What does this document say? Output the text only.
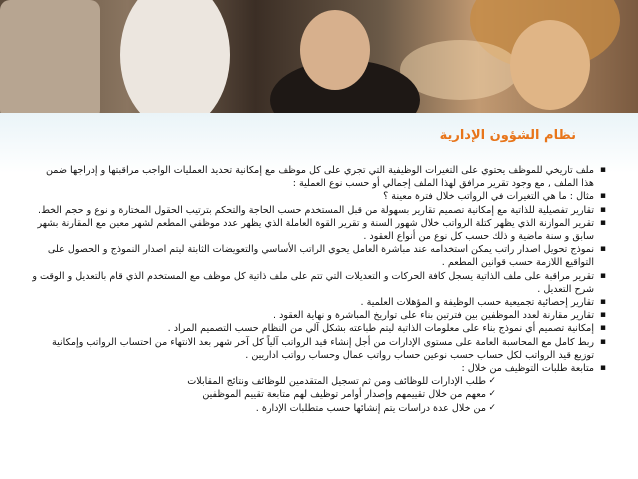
نظام الشؤون الإدارية
▪ ملف تاريخي للموظف يحتوي على التغيرات الوظيفية التي تجري على كل موظف مع إمكانية تحديد العمليات الواجب مراقبتها و إدراجها ضمن
هذا الملف , مع وجود تقرير مرافق لهذا الملف إجمالي أو حسب نوع العملية :
▪ مثال : ما هي التغيرات في الرواتب خلال فترة معينة ؟
▪ تقارير تفصيلية للذاتية مع إمكانية تصميم تقارير بسهولة من قبل المستخدم حسب الحاجة والتحكم بترتيب الحقول المختارة و نوع و حجم الخط.
▪ تقرير الموازنة الذي يظهر كتلة الرواتب خلال شهور السنة و تقرير القوة العاملة الذي يظهر عدد موظفي المطعم لشهر معين مع المقارنة بشهر
سابق و سنة ماضية و ذلك حسب كل نوع من أنواع العقود .
▪ نموذج تحويل اصدار راتب يمكن استخدامه عند مباشرة العامل يحوي الراتب الأساسي والتعويضات الثابتة ليتم اصدار النموذج و الحصول على
التواقيع اللازمة حسب قوانين المطعم .
▪ تقرير مراقبة على ملف الذاتية يسجل كافة الحركات و التعديلات التي تتم على ملف ذاتية كل موظف مع المستخدم الذي قام بالتعديل و الوقت و
شرح التعديل .
▪ تقارير إحصائية تجميعية حسب الوظيفة و المؤهلات العلمية .
▪ تقارير مقارنة لعدد الموظفين بين فترتين بناء على تواريخ المباشرة و نهاية العقود .
▪ إمكانية تصميم أي نموذج بناء على معلومات الذاتية ليتم طباعته بشكل آلي من النظام حسب التصميم المراد .
▪ ربط كامل مع المحاسبة العامة على مستوى الإدارات من أجل إنشاء قيد الرواتب آلياً كل آخر شهر بعد الانتهاء من احتساب الرواتب وإمكانية
توزيع قيد الرواتب لكل حساب حسب نوعين حساب رواتب عمال وحساب رواتب اداريين .
▪ متابعة طلبات التوظيف من خلال :
✓
طلب الإدارات للوظائف ومن ثم تسجيل المتقدمين للوظائف ونتائج المقابلات
✓
معهم من خلال تقييمهم وإصدار أوامر توظيف لهم متابعة تقييم الموظفين
✓
من خلال عدة دراسات يتم إنشائها حسب متطلبات الإدارة .
